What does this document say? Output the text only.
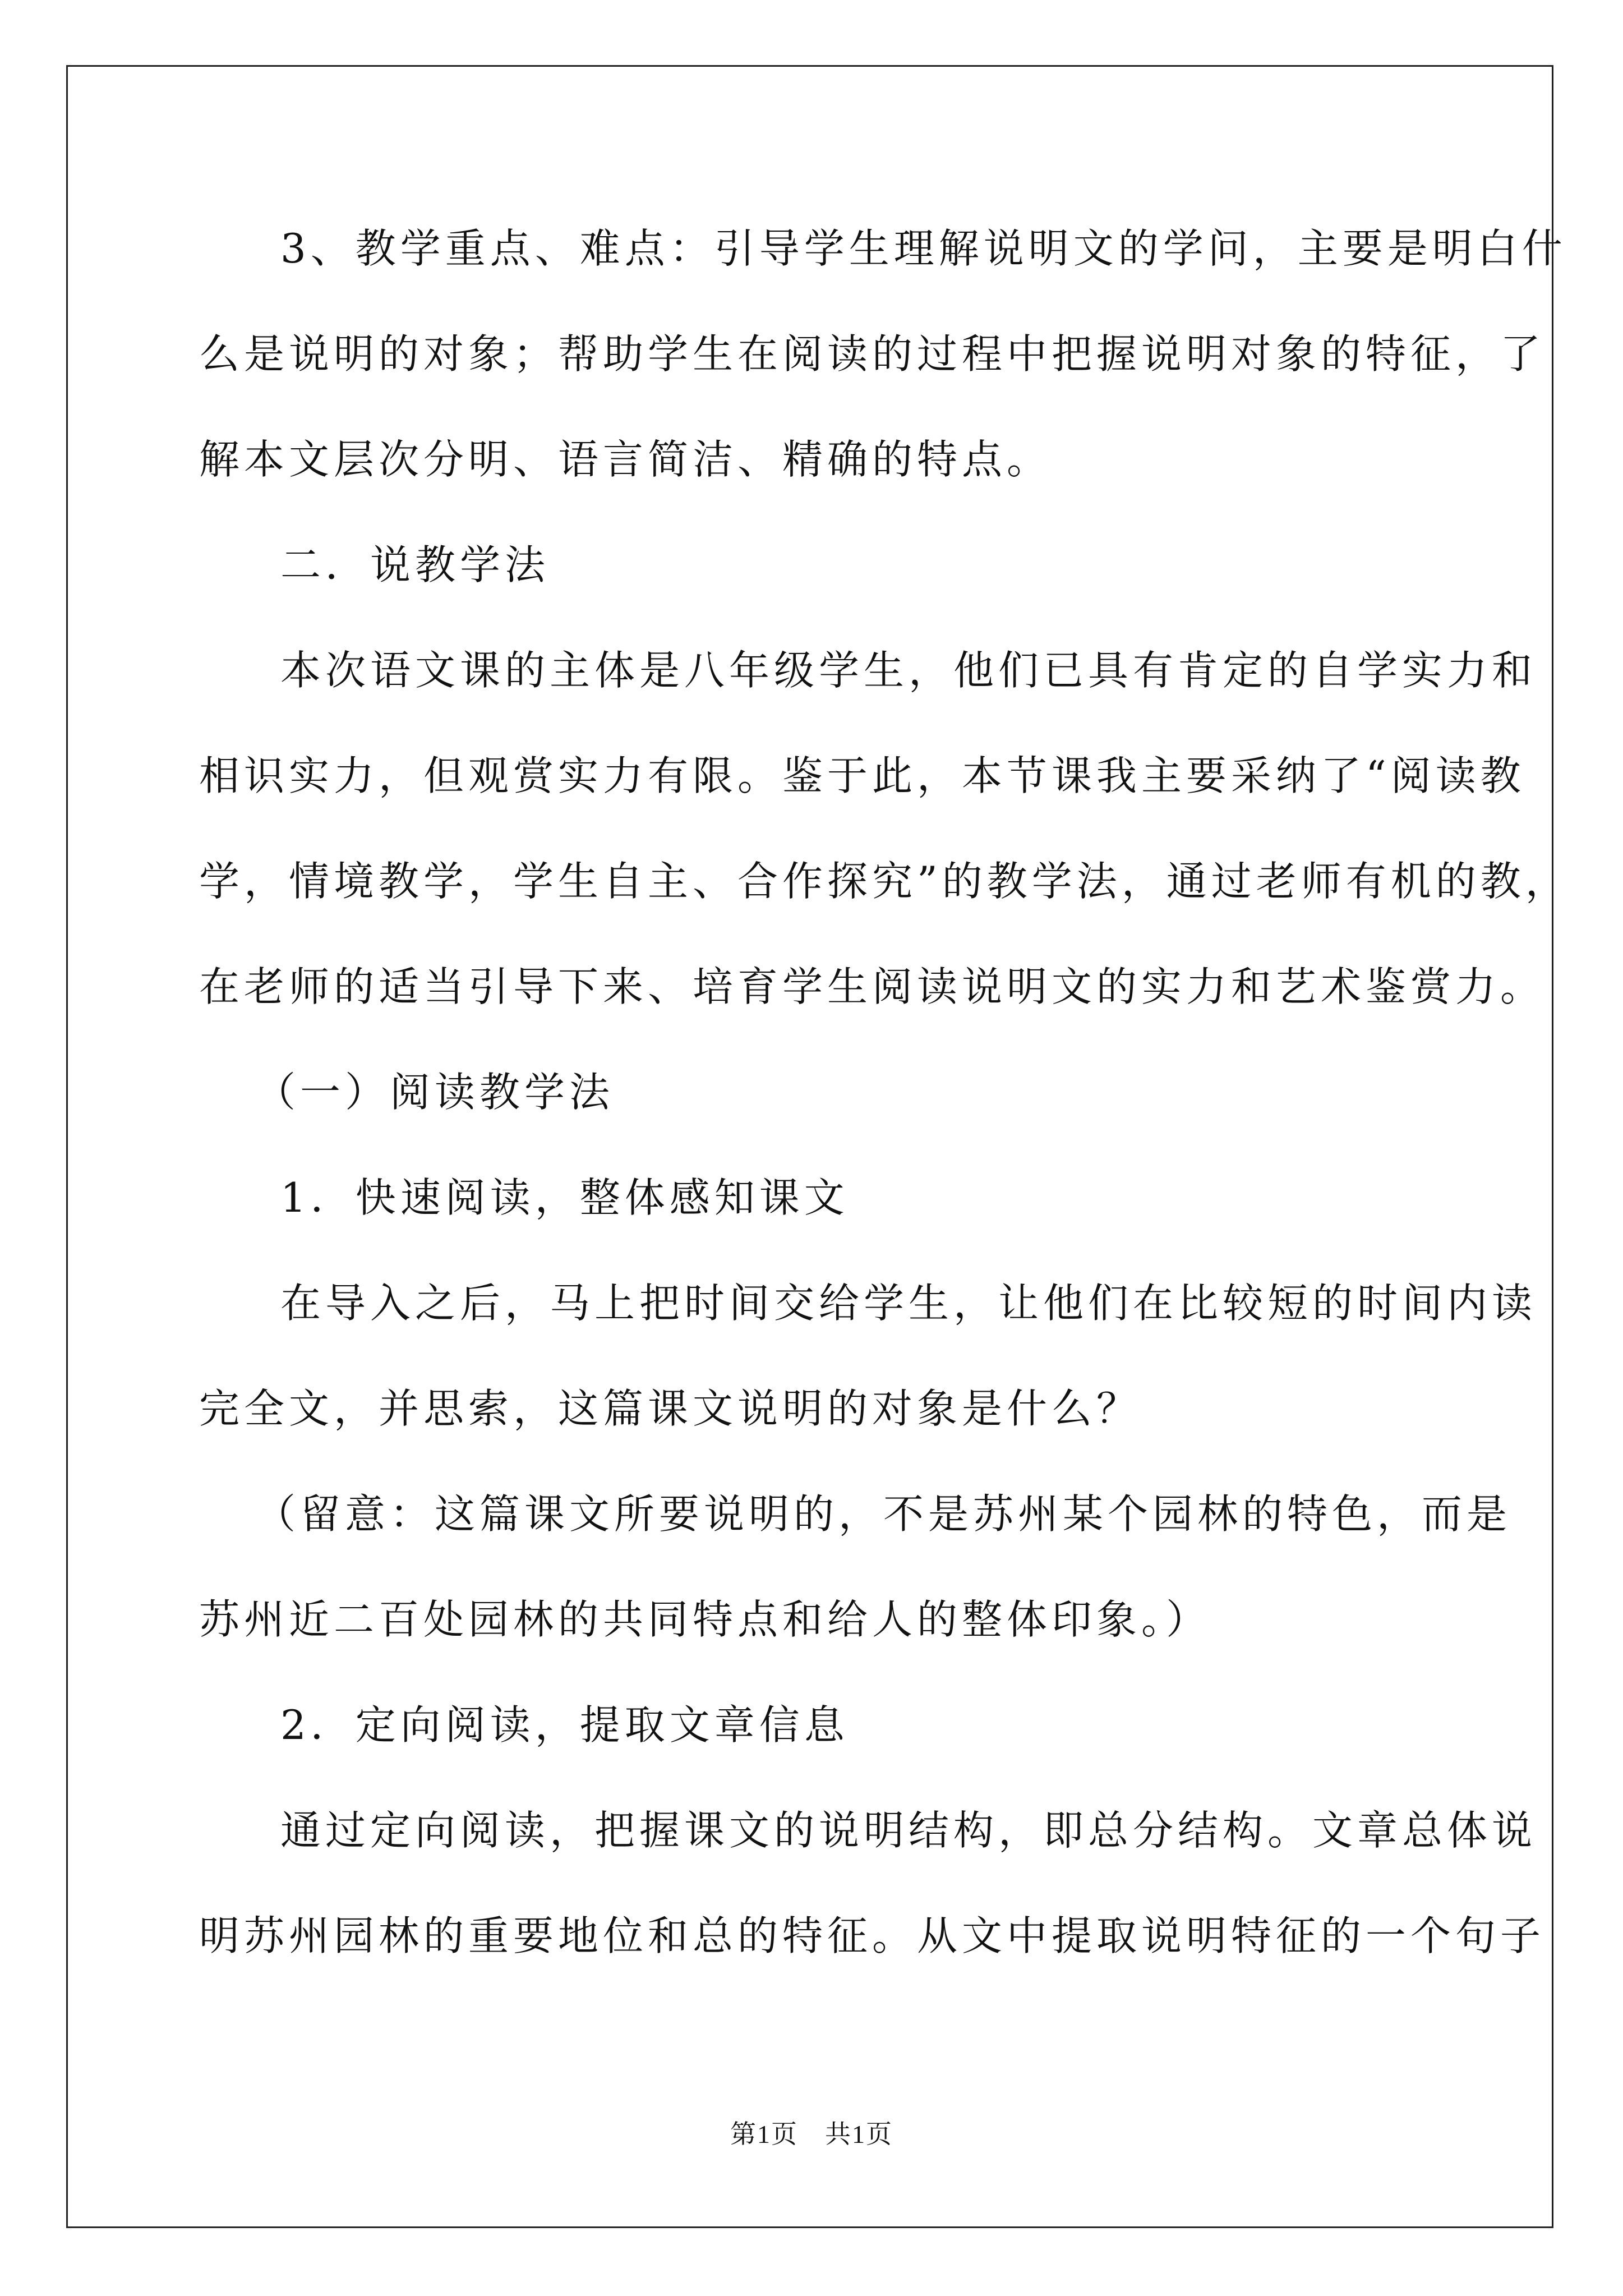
3、教学重点、难点：引导学生理解说明文的学问，主要是明白什
么是说明的对象；帮助学生在阅读的过程中把握说明对象的特征，了
解本文层次分明、语言简洁、精确的特点。
二．说教学法
本次语文课的主体是八年级学生，他们已具有肯定的自学实力和
相识实力，但观赏实力有限。鉴于此，本节课我主要采纳了“阅读教
学，情境教学，学生自主、合作探究”的教学法，通过老师有机的教，
在老师的适当引导下来、培育学生阅读说明文的实力和艺术鉴赏力。
（一）阅读教学法
1．快速阅读，整体感知课文
在导入之后，马上把时间交给学生，让他们在比较短的时间内读
完全文，并思索，这篇课文说明的对象是什么？
（留意：这篇课文所要说明的，不是苏州某个园林的特色，而是
苏州近二百处园林的共同特点和给人的整体印象。）
2．定向阅读，提取文章信息
通过定向阅读，把握课文的说明结构，即总分结构。文章总体说
明苏州园林的重要地位和总的特征。从文中提取说明特征的一个句子
第1页 共1页
